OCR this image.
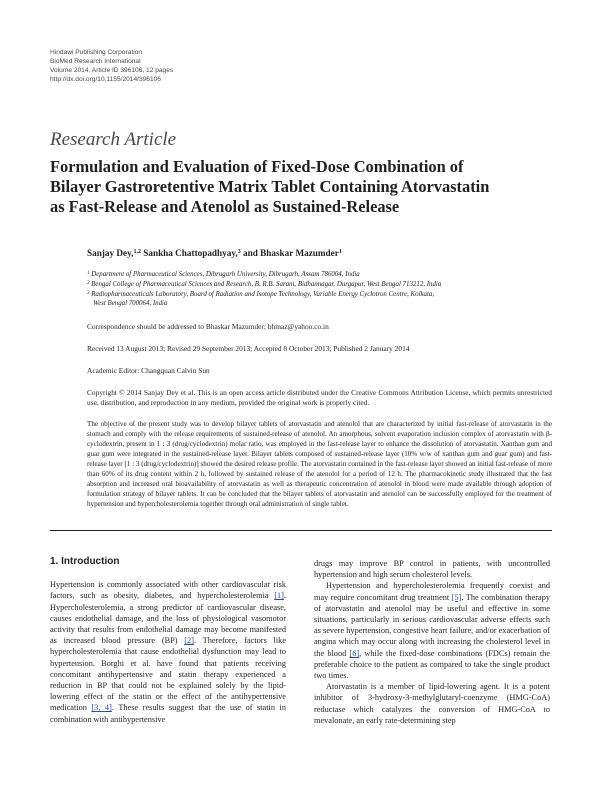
Hindawi Publishing Corporation
BioMed Research International
Volume 2014, Article ID 396106, 12 pages
http://dx.doi.org/10.1155/2014/396106
Research Article
Formulation and Evaluation of Fixed-Dose Combination of
Bilayer Gastroretentive Matrix Tablet Containing Atorvastatin
as Fast-Release and Atenolol as Sustained-Release
Sanjay Dey,$^{1,2}$ Sankha Chattopadhyay,$^3$ and Bhaskar Mazumder$^1$
$^1$ Department of Pharmaceutical Sciences, Dibrugarh University, Dibrugarh, Assam 786004, India
$^2$ Bengal College of Pharmaceutical Sciences and Research, B. R.B. Sarani, Bidhannagar, Durgapur, West Bengal 713212, India
$^3$ Radiopharmaceuticals Laboratory, Board of Radiation and Isotope Technology, Variable Energy Cyclotron Centre, Kolkata,
West Bengal 700064, India
Correspondence should be addressed to Bhaskar Mazumder; bhmaz@yahoo.co.in
Received 13 August 2013; Revised 29 September 2013; Accepted 8 October 2013; Published 2 January 2014
Academic Editor: Changquan Calvin Sun
Copyright © 2014 Sanjay Dey et al. This is an open access article distributed under the Creative Commons Attribution License, which permits unrestricted use, distribution, and reproduction in any medium, provided the original work is properly cited.
The objective of the present study was to develop bilayer tablets of atorvastatin and atenolol that are characterized by initial fast-release of atorvastatin in the stomach and comply with the release requirements of sustained-release of atenolol. An amorphous, solvent evaporation inclusion complex of atorvastatin with β-cyclodextrin, present in 1 : 3 (drug/cyclodextrin) molar ratio, was employed in the fast-release layer to enhance the dissolution of atorvastatin. Xanthan gum and guar gum were integrated in the sustained-release layer. Bilayer tablets composed of sustained-release layer (10% w/w of xanthan gum and guar gum) and fast-release layer [1 : 3 (drug/cyclodextrin)] showed the desired release profile. The atorvastatin contained in the fast-release layer showed an initial fast-release of more than 60% of its drug content within 2 h, followed by sustained release of the atenolol for a period of 12 h. The pharmacokinetic study illustrated that the fast absorption and increased oral bioavailability of atorvastatin as well as therapeutic concentration of atenolol in blood were made available through adoption of formulation strategy of bilayer tablets. It can be concluded that the bilayer tablets of atorvastatin and atenolol can be successfully employed for the treatment of hypertension and hypercholesterolemia together through oral administration of single tablet.
1. Introduction

Hypertension is commonly associated with other cardiovascular risk factors, such as obesity, diabetes, and hypercholesterolemia [1]. Hypercholesterolemia, a strong predictor of cardiovascular disease, causes endothelial damage, and the loss of physiological vasomotor activity that results from endothelial damage may become manifested as increased blood pressure (BP) [2]. Therefore, factors like hypercholesterolemia that cause endothelial dysfunction may lead to hypertension. Borghi et al. have found that patients receiving concomitant antihypertensive and statin therapy experienced a reduction in BP that could not be explained solely by the lipid-lowering effect of the statin or the effect of the antihypertensive medication [3, 4]. These results suggest that the use of statin in combination with antihypertensive

drugs may improve BP control in patients, with uncontrolled hypertension and high serum cholesterol levels.

Hypertension and hypercholesterolemia frequently coexist and may require concomitant drug treatment [5]. The combination therapy of atorvastatin and atenolol may be useful and effective in some situations, particularly in serious cardiovascular adverse effects such as severe hypertension, congestive heart failure, and/or exacerbation of angina which may occur along with increasing the cholesterol level in the blood [6], while the fixed-dose combinations (FDCs) remain the preferable choice to the patient as compared to take the single product two times.

Atorvastatin is a member of lipid-lowering agent. It is a potent inhibitor of 3-hydroxy-3-methylglutaryl-coenzyme (HMG-CoA) reductase which catalyzes the conversion of HMG-CoA to mevalonate, an early rate-determining step
